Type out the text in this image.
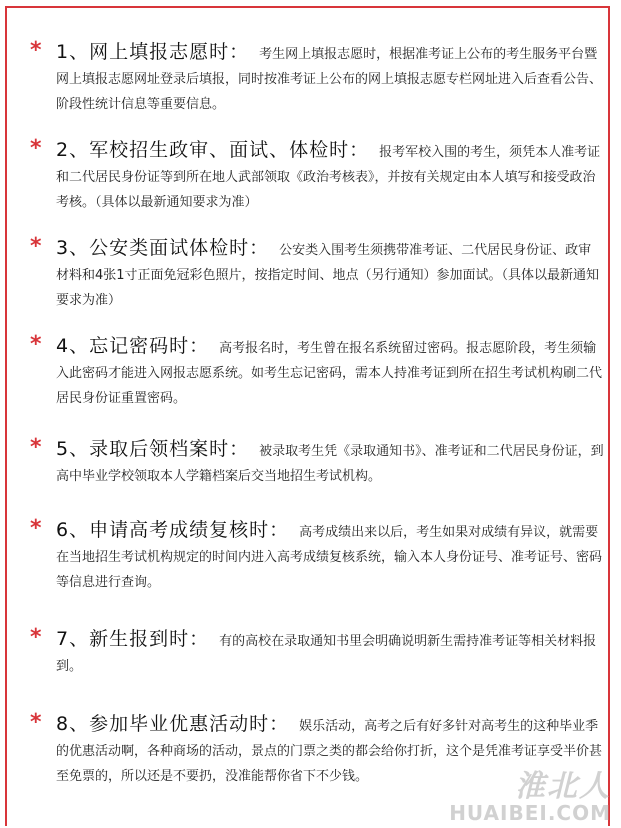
* 1、网上填报志愿时： 考生网上填报志愿时，根据准考证上公布的考生服务平台暨网上填报志愿网址登录后填报，同时按准考证上公布的网上填报志愿专栏网址进入后查看公告、阶段性统计信息等重要信息。
* 2、军校招生政审、面试、体检时： 报考军校入围的考生，须凭本人准考证和二代居民身份证等到所在地人武部领取《政治考核表》，并按有关规定由本人填写和接受政治考核。（具体以最新通知要求为准）
* 3、公安类面试体检时： 公安类入围考生须携带准考证、二代居民身份证、政审材料和4张1寸正面免冠彩色照片，按指定时间、地点（另行通知）参加面试。（具体以最新通知要求为准）
* 4、忘记密码时： 高考报名时，考生曾在报名系统留过密码。报志愿阶段，考生须输入此密码才能进入网报志愿系统。如考生忘记密码，需本人持准考证到所在招生考试机构刷二代居民身份证重置密码。
* 5、录取后领档案时： 被录取考生凭《录取通知书》、准考证和二代居民身份证，到高中毕业学校领取本人学籍档案后交当地招生考试机构。
* 6、申请高考成绩复核时： 高考成绩出来以后，考生如果对成绩有异议，就需要在当地招生考试机构规定的时间内进入高考成绩复核系统，输入本人身份证号、准考证号、密码等信息进行查询。
* 7、新生报到时： 有的高校在录取通知书里会明确说明新生需持准考证等相关材料报到。
* 8、参加毕业优惠活动时： 娱乐活动，高考之后有好多针对高考生的这种毕业季的优惠活动啊，各种商场的活动，景点的门票之类的都会给你打折，这个是凭准考证享受半价甚至免票的，所以还是不要扔，没准能帮你省下不少钱。	淮北人
HUAIBEI.COM
